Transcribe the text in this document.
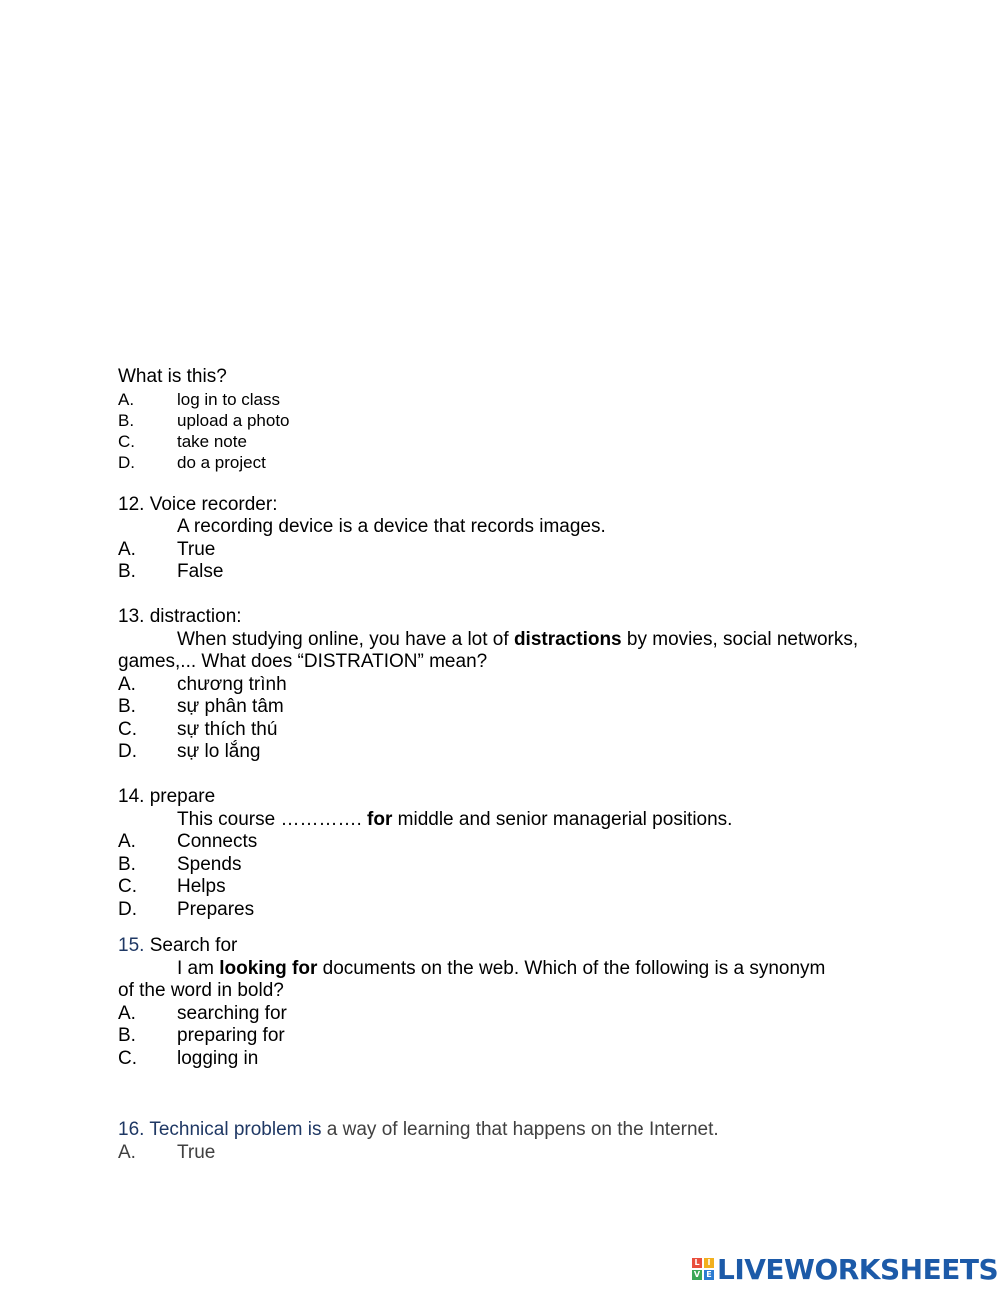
What is this?
A.	log in to class
B.	upload a photo
C. take note
D. do a project
12. Voice recorder:
A recording device is a device that records images.
A. True
B. False
13. distraction:
When studying online, you have a lot of distractions by movies, social networks,
games,... What does “DISTRATION” mean?
A. chương trình
B. sự phân tâm
C. sự thích thú
D. sự lo lắng
14. prepare
This course …………. for middle and senior managerial positions.
A. Connects
B. Spends
C. Helps
D. Prepares
15. Search for
I am looking for documents on the web. Which of the following is a synonym
of the word in bold?
A. searching for
B. preparing for
C. logging in
16. Technical problem is a way of learning that happens on the Internet.
A. True
L I
V E LIVEWORKSHEETS
